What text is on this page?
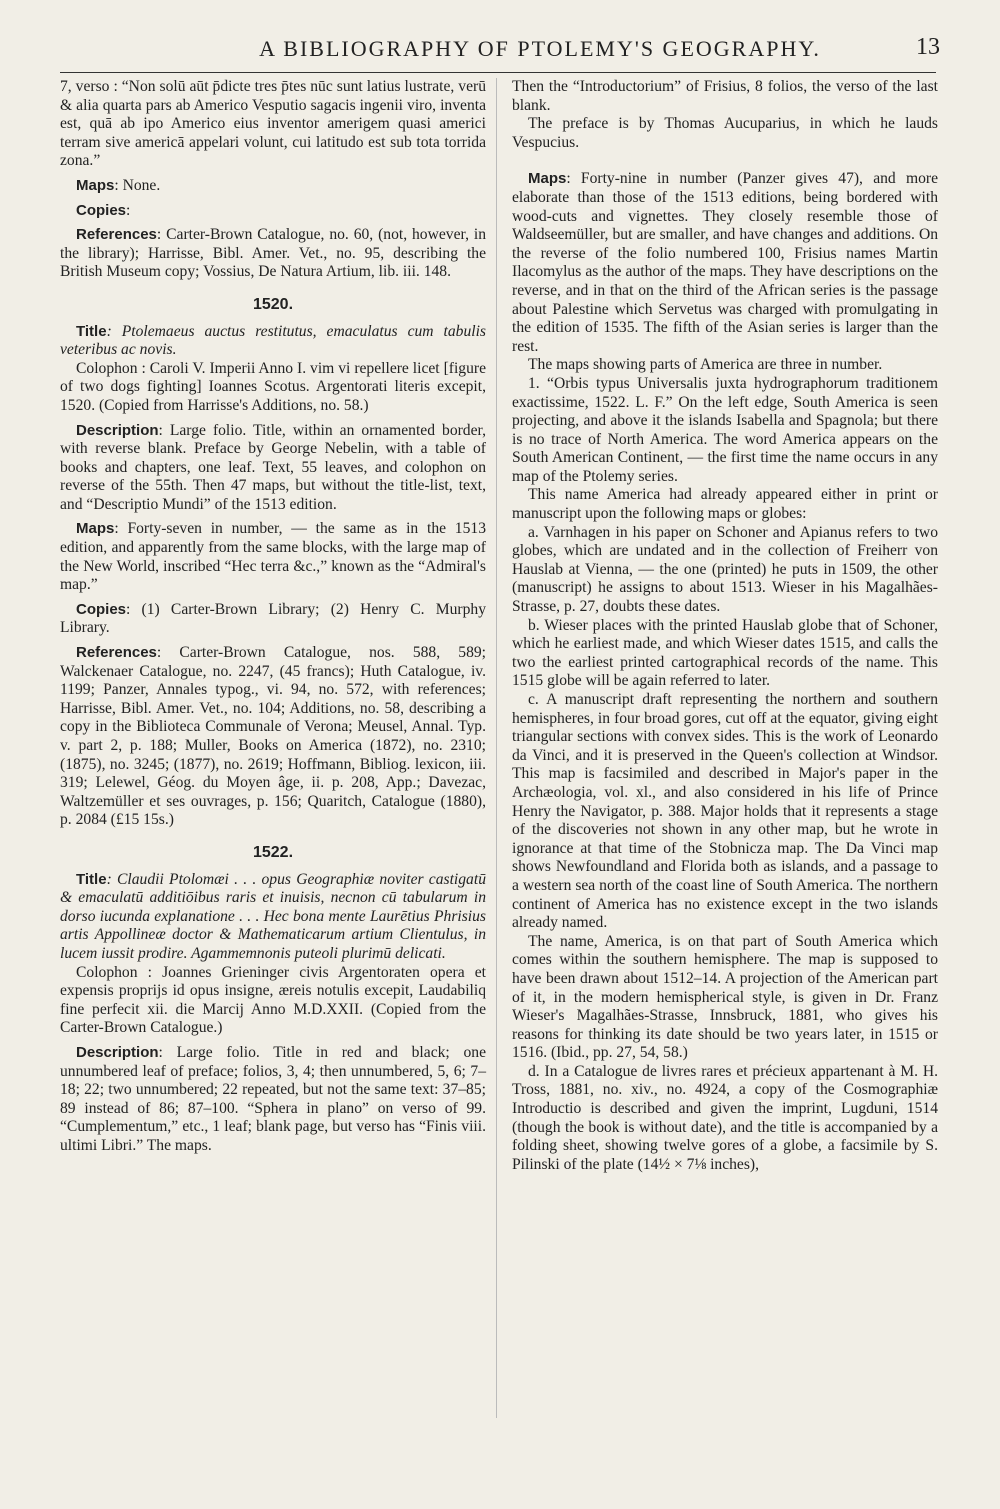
A BIBLIOGRAPHY OF PTOLEMY'S GEOGRAPHY.	13

7, verso : “Non solū aūt p̄dicte tres p̄tes nūc sunt latius lustrate, verū & alia quarta pars ab Americo Vesputio sagacis ingenii viro, inventa est, quā ab ipo Americo eius inventor amerigem quasi americi terram sive americā appelari volunt, cui latitudo est sub tota torrida zona.”

Maps: None.

Copies:

References: Carter-Brown Catalogue, no. 60, (not, however, in the library); Harrisse, Bibl. Amer. Vet., no. 95, describing the British Museum copy; Vossius, De Natura Artium, lib. iii. 148.

1520.

Title: Ptolemaeus auctus restitutus, emaculatus cum tabulis veteribus ac novis.

Colophon : Caroli V. Imperii Anno I. vim vi repellere licet [figure of two dogs fighting] Ioannes Scotus. Argentorati literis excepit, 1520. (Copied from Harrisse's Additions, no. 58.)

Description: Large folio. Title, within an ornamented border, with reverse blank. Preface by George Nebelin, with a table of books and chapters, one leaf. Text, 55 leaves, and colophon on reverse of the 55th. Then 47 maps, but without the title-list, text, and “Descriptio Mundi” of the 1513 edition.

Maps: Forty-seven in number, — the same as in the 1513 edition, and apparently from the same blocks, with the large map of the New World, inscribed “Hec terra &c.,” known as the “Admiral's map.”

Copies: (1) Carter-Brown Library; (2) Henry C. Murphy Library.

References: Carter-Brown Catalogue, nos. 588, 589; Walckenaer Catalogue, no. 2247, (45 francs); Huth Catalogue, iv. 1199; Panzer, Annales typog., vi. 94, no. 572, with references; Harrisse, Bibl. Amer. Vet., no. 104; Additions, no. 58, describing a copy in the Biblioteca Communale of Verona; Meusel, Annal. Typ. v. part 2, p. 188; Muller, Books on America (1872), no. 2310; (1875), no. 3245; (1877), no. 2619; Hoffmann, Bibliog. lexicon, iii. 319; Lelewel, Géog. du Moyen âge, ii. p. 208, App.; Davezac, Waltzemüller et ses ouvrages, p. 156; Quaritch, Catalogue (1880), p. 2084 (£15 15s.)

1522.

Title: Claudii Ptolomæi . . . opus Geographiæ noviter castigatū & emaculatū additiōibus raris et inuisis, necnon cū tabularum in dorso iucunda explanatione . . . Hec bona mente Laurētius Phrisius artis Appollineæ doctor & Mathematicarum artium Clientulus, in lucem iussit prodire. Agammemnonis puteoli plurimū delicati.

Colophon : Joannes Grieninger civis Argentoraten opera et expensis proprijs id opus insigne, æreis notulis excepit, Laudabiliq fine perfecit xii. die Marcij Anno M.D.XXII. (Copied from the Carter-Brown Catalogue.)

Description: Large folio. Title in red and black; one unnumbered leaf of preface; folios, 3, 4; then unnumbered, 5, 6; 7–18; 22; two unnumbered; 22 repeated, but not the same text: 37–85; 89 instead of 86; 87–100. “Sphera in plano” on verso of 99. “Cumplementum,” etc., 1 leaf; blank page, but verso has “Finis viii. ultimi Libri.” The maps.

Then the “Introductorium” of Frisius, 8 folios, the verso of the last blank.

The preface is by Thomas Aucuparius, in which he lauds Vespucius.

Maps: Forty-nine in number (Panzer gives 47), and more elaborate than those of the 1513 editions, being bordered with wood-cuts and vignettes. They closely resemble those of Waldseemüller, but are smaller, and have changes and additions. On the reverse of the folio numbered 100, Frisius names Martin Ilacomylus as the author of the maps. They have descriptions on the reverse, and in that on the third of the African series is the passage about Palestine which Servetus was charged with promulgating in the edition of 1535. The fifth of the Asian series is larger than the rest.

The maps showing parts of America are three in number.

1. “Orbis typus Universalis juxta hydrographorum traditionem exactissime, 1522. L. F.” On the left edge, South America is seen projecting, and above it the islands Isabella and Spagnola; but there is no trace of North America. The word America appears on the South American Continent, — the first time the name occurs in any map of the Ptolemy series.

This name America had already appeared either in print or manuscript upon the following maps or globes:

a. Varnhagen in his paper on Schoner and Apianus refers to two globes, which are undated and in the collection of Freiherr von Hauslab at Vienna, — the one (printed) he puts in 1509, the other (manuscript) he assigns to about 1513. Wieser in his Magalhães-Strasse, p. 27, doubts these dates.

b. Wieser places with the printed Hauslab globe that of Schoner, which he earliest made, and which Wieser dates 1515, and calls the two the earliest printed cartographical records of the name. This 1515 globe will be again referred to later.

c. A manuscript draft representing the northern and southern hemispheres, in four broad gores, cut off at the equator, giving eight triangular sections with convex sides. This is the work of Leonardo da Vinci, and it is preserved in the Queen's collection at Windsor. This map is facsimiled and described in Major's paper in the Archæologia, vol. xl., and also considered in his life of Prince Henry the Navigator, p. 388. Major holds that it represents a stage of the discoveries not shown in any other map, but he wrote in ignorance at that time of the Stobnicza map. The Da Vinci map shows Newfoundland and Florida both as islands, and a passage to a western sea north of the coast line of South America. The northern continent of America has no existence except in the two islands already named.

The name, America, is on that part of South America which comes within the southern hemisphere. The map is supposed to have been drawn about 1512–14. A projection of the American part of it, in the modern hemispherical style, is given in Dr. Franz Wieser's Magalhães-Strasse, Innsbruck, 1881, who gives his reasons for thinking its date should be two years later, in 1515 or 1516. (Ibid., pp. 27, 54, 58.)

d. In a Catalogue de livres rares et précieux appartenant à M. H. Tross, 1881, no. xiv., no. 4924, a copy of the Cosmographiæ Introductio is described and given the imprint, Lugduni, 1514 (though the book is without date), and the title is accompanied by a folding sheet, showing twelve gores of a globe, a facsimile by S. Pilinski of the plate (14½ × 7⅛ inches),
